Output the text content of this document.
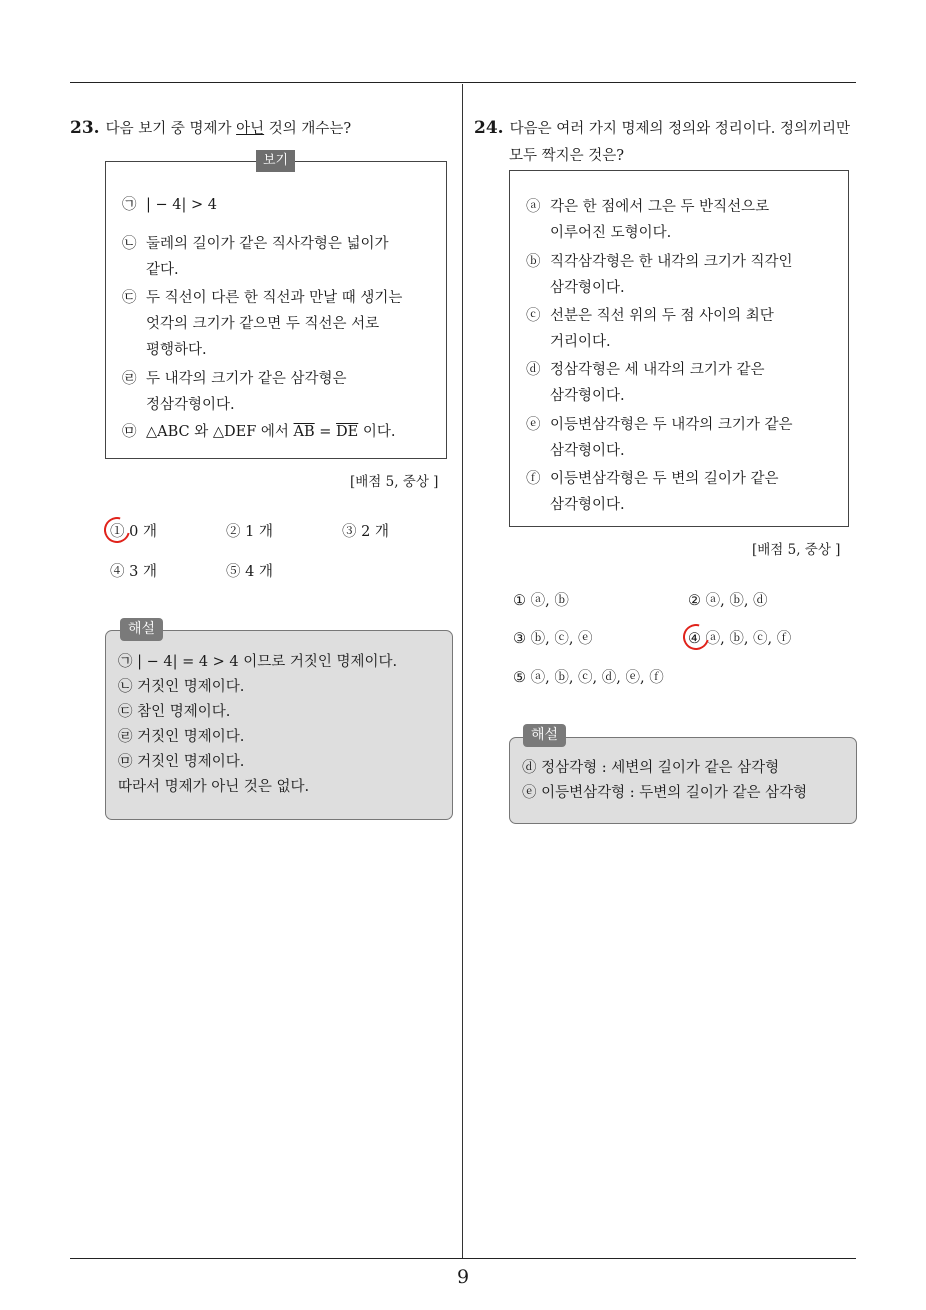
9
23. 다음 보기 중 명제가 아닌 것의 개수는?
보기
㉠ | − 4| > 4
㉡ 둘레의 길이가 같은 직사각형은 넓이가
같다.
㉢ 두 직선이 다른 한 직선과 만날 때 생기는
엇각의 크기가 같으면 두 직선은 서로
평행하다.
㉣ 두 내각의 크기가 같은 삼각형은
정삼각형이다.
㉤ △ABC 와 △DEF 에서 $\overline{AB} = \overline{DE}$ 이다.
[배점 5, 중상 ]
① 0 개	② 1 개	③ 2 개
④ 3 개	⑤ 4 개
㉠ | − 4| = 4 > 4 이므로 거짓인 명제이다.
㉡ 거짓인 명제이다.
㉢ 참인 명제이다.
㉣ 거짓인 명제이다.
㉤ 거짓인 명제이다.
따라서 명제가 아닌 것은 없다.
해설
24. 다음은 여러 가지 명제의 정의와 정리이다. 정의끼리만
모두 짝지은 것은?
ⓐ 각은 한 점에서 그은 두 반직선으로
이루어진 도형이다.
ⓑ 직각삼각형은 한 내각의 크기가 직각인
삼각형이다.
ⓒ 선분은 직선 위의 두 점 사이의 최단
거리이다.
ⓓ 정삼각형은 세 내각의 크기가 같은
삼각형이다.
ⓔ 이등변삼각형은 두 내각의 크기가 같은
삼각형이다.
ⓕ 이등변삼각형은 두 변의 길이가 같은
삼각형이다.
[배점 5, 중상 ]
① ⓐ, ⓑ	② ⓐ, ⓑ, ⓓ
③ ⓑ, ⓒ, ⓔ	④ ⓐ, ⓑ, ⓒ, ⓕ
⑤ ⓐ, ⓑ, ⓒ, ⓓ, ⓔ, ⓕ
ⓓ 정삼각형 : 세변의 길이가 같은 삼각형
ⓔ 이등변삼각형 : 두변의 길이가 같은 삼각형
해설
